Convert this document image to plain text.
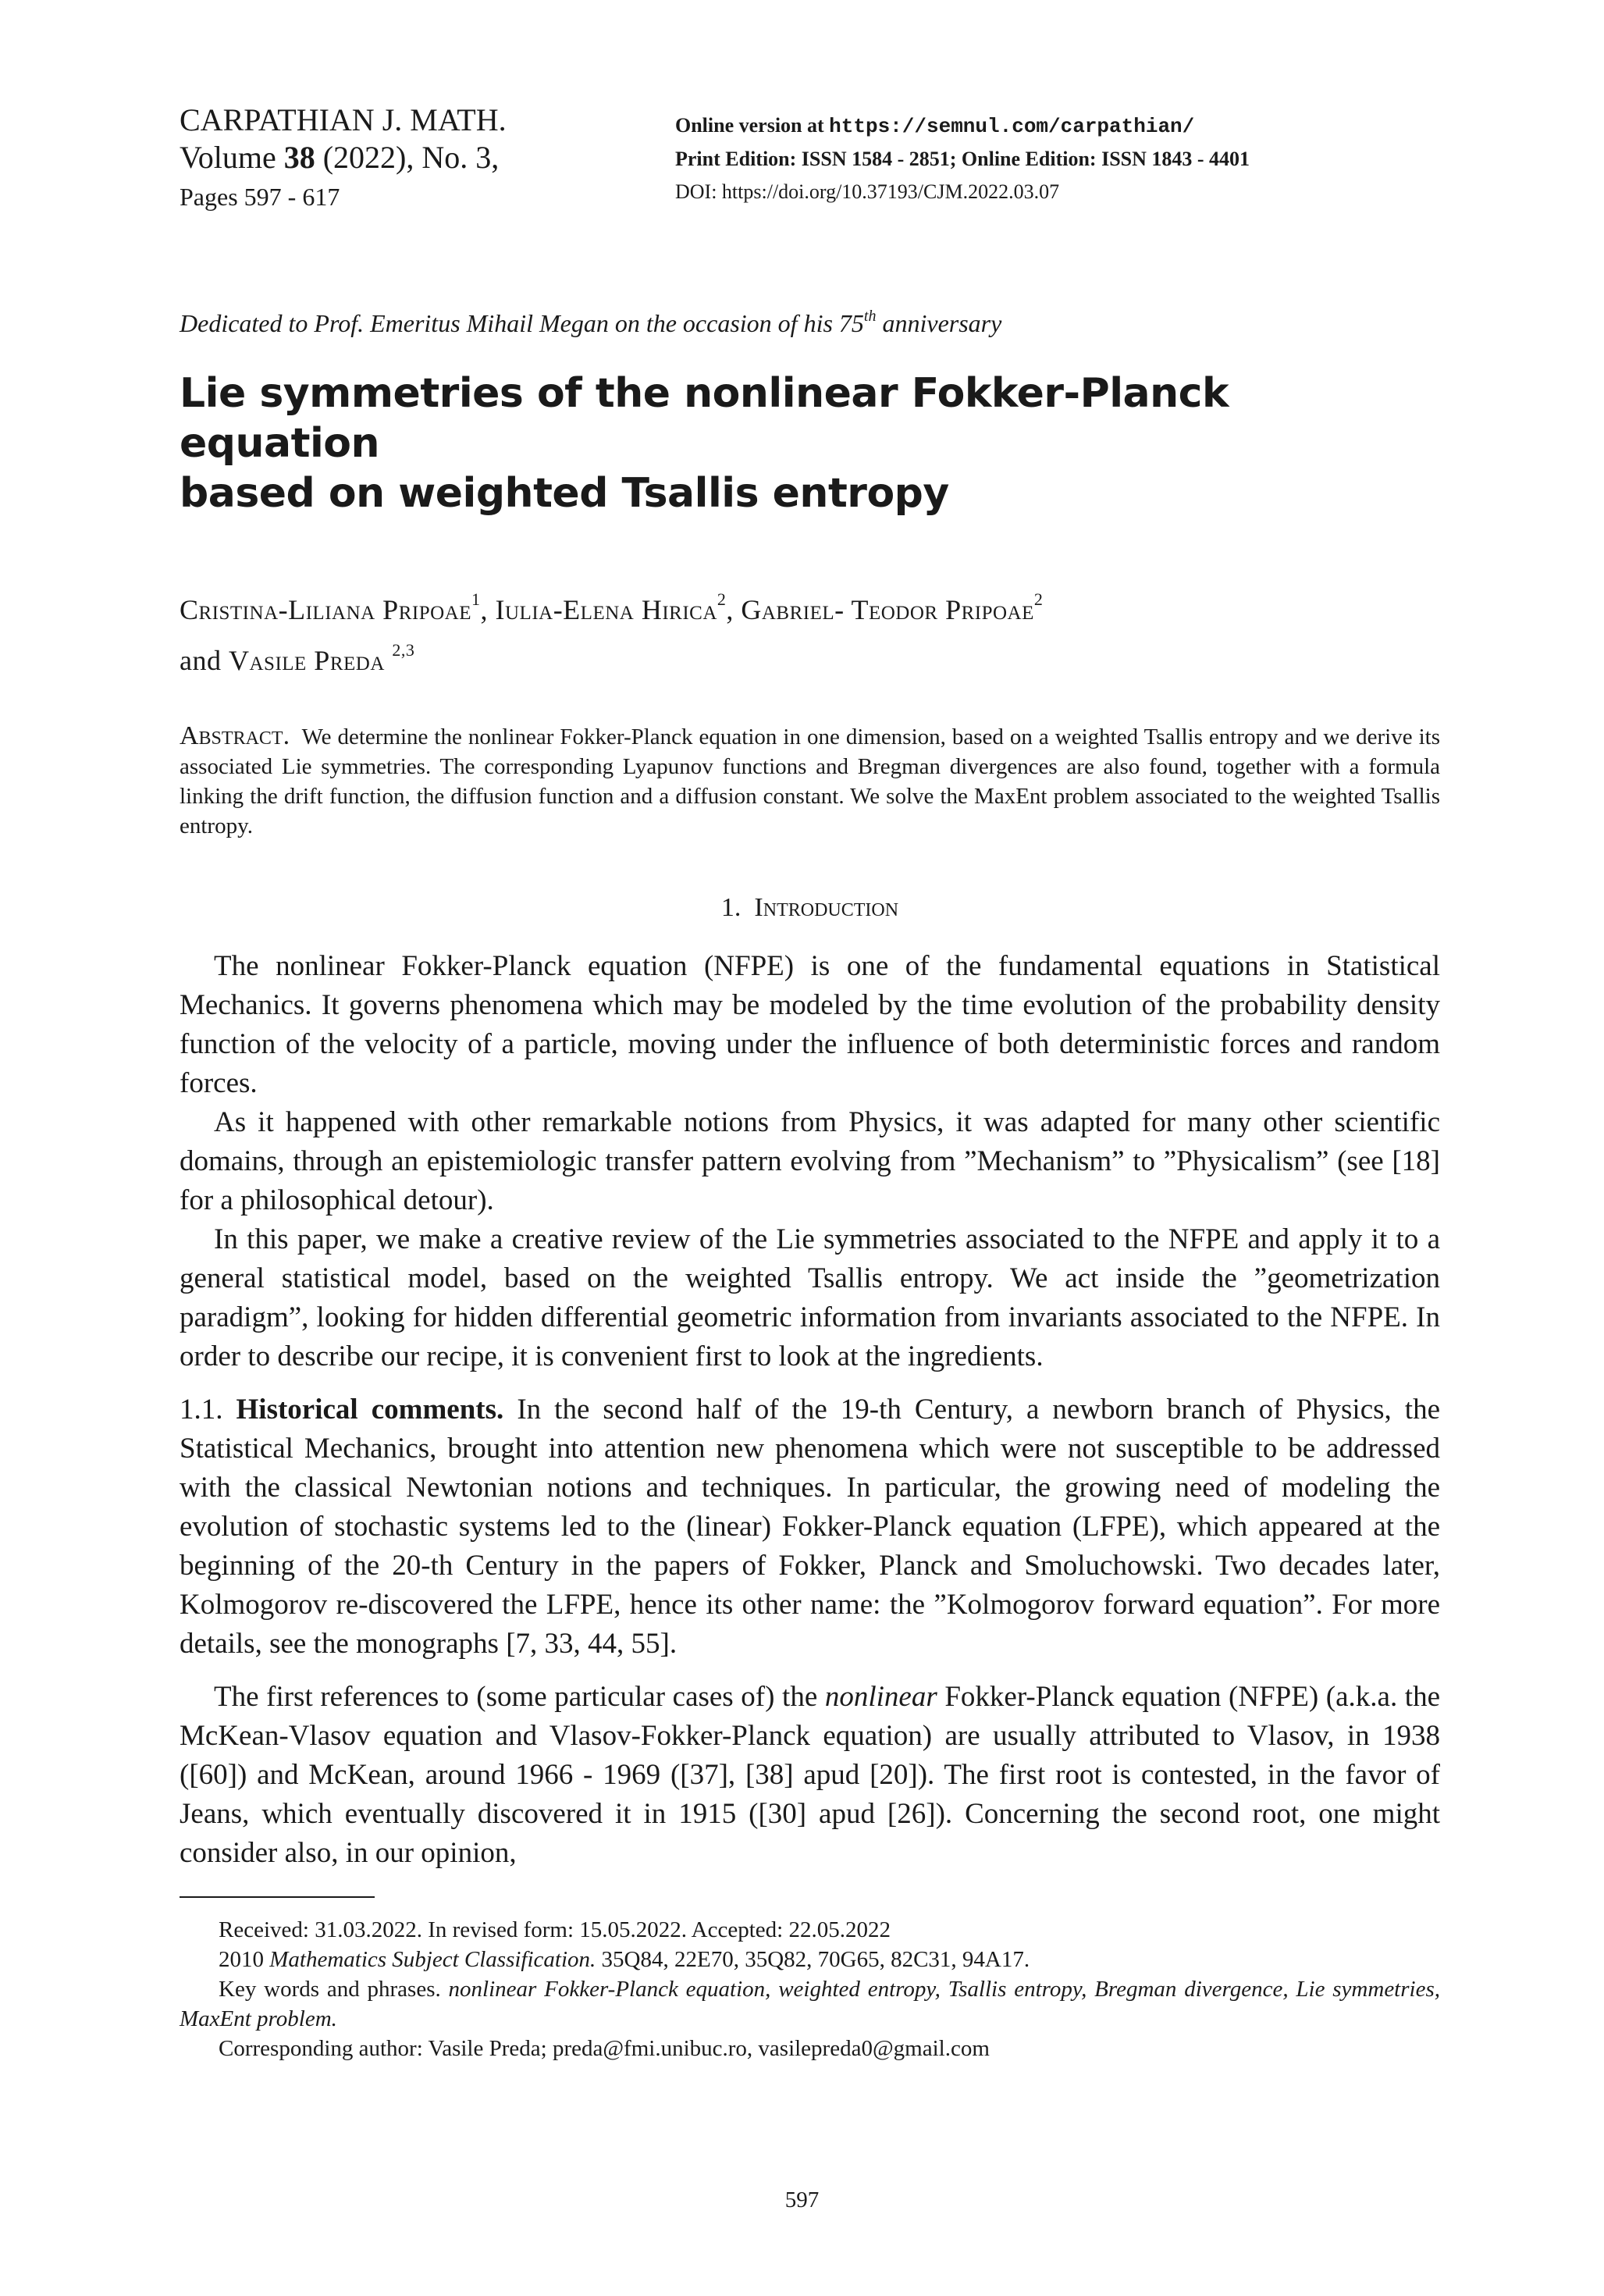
CARPATHIAN J. MATH.
Volume 38 (2022), No. 3,
Pages 597 - 617
Online version at https://semnul.com/carpathian/
Print Edition: ISSN 1584 - 2851; Online Edition: ISSN 1843 - 4401
DOI: https://doi.org/10.37193/CJM.2022.03.07
Dedicated to Prof. Emeritus Mihail Megan on the occasion of his 75th anniversary
Lie symmetries of the nonlinear Fokker-Planck equation
based on weighted Tsallis entropy
Cristina-Liliana Pripoae$^1$, Iulia-Elena Hirica$^2$, Gabriel- Teodor Pripoae$^2$
and Vasile Preda $^{2,3}$
Abstract. We determine the nonlinear Fokker-Planck equation in one dimension, based on a weighted Tsallis entropy and we derive its associated Lie symmetries. The corresponding Lyapunov functions and Bregman divergences are also found, together with a formula linking the drift function, the diffusion function and a diffusion constant. We solve the MaxEnt problem associated to the weighted Tsallis entropy.
1. Introduction

The nonlinear Fokker-Planck equation (NFPE) is one of the fundamental equations in Statistical Mechanics. It governs phenomena which may be modeled by the time evolution of the probability density function of the velocity of a particle, moving under the influence of both deterministic forces and random forces.

As it happened with other remarkable notions from Physics, it was adapted for many other scientific domains, through an epistemiologic transfer pattern evolving from ”Mechanism” to ”Physicalism” (see [18] for a philosophical detour).

In this paper, we make a creative review of the Lie symmetries associated to the NFPE and apply it to a general statistical model, based on the weighted Tsallis entropy. We act inside the ”geometrization paradigm”, looking for hidden differential geometric information from invariants associated to the NFPE. In order to describe our recipe, it is convenient first to look at the ingredients.

1.1. Historical comments. In the second half of the 19-th Century, a newborn branch of Physics, the Statistical Mechanics, brought into attention new phenomena which were not susceptible to be addressed with the classical Newtonian notions and techniques. In particular, the growing need of modeling the evolution of stochastic systems led to the (linear) Fokker-Planck equation (LFPE), which appeared at the beginning of the 20-th Century in the papers of Fokker, Planck and Smoluchowski. Two decades later, Kolmogorov re-discovered the LFPE, hence its other name: the ”Kolmogorov forward equation”. For more details, see the monographs [7, 33, 44, 55].

The first references to (some particular cases of) the nonlinear Fokker-Planck equation (NFPE) (a.k.a. the McKean-Vlasov equation and Vlasov-Fokker-Planck equation) are usually attributed to Vlasov, in 1938 ([60]) and McKean, around 1966 - 1969 ([37], [38] apud [20]). The first root is contested, in the favor of Jeans, which eventually discovered it in 1915 ([30] apud [26]). Concerning the second root, one might consider also, in our opinion,

Received: 31.03.2022. In revised form: 15.05.2022. Accepted: 22.05.2022

2010 Mathematics Subject Classification. 35Q84, 22E70, 35Q82, 70G65, 82C31, 94A17.

Key words and phrases. nonlinear Fokker-Planck equation, weighted entropy, Tsallis entropy, Bregman divergence, Lie symmetries, MaxEnt problem.

Corresponding author: Vasile Preda; preda@fmi.unibuc.ro, vasilepreda0@gmail.com

597
